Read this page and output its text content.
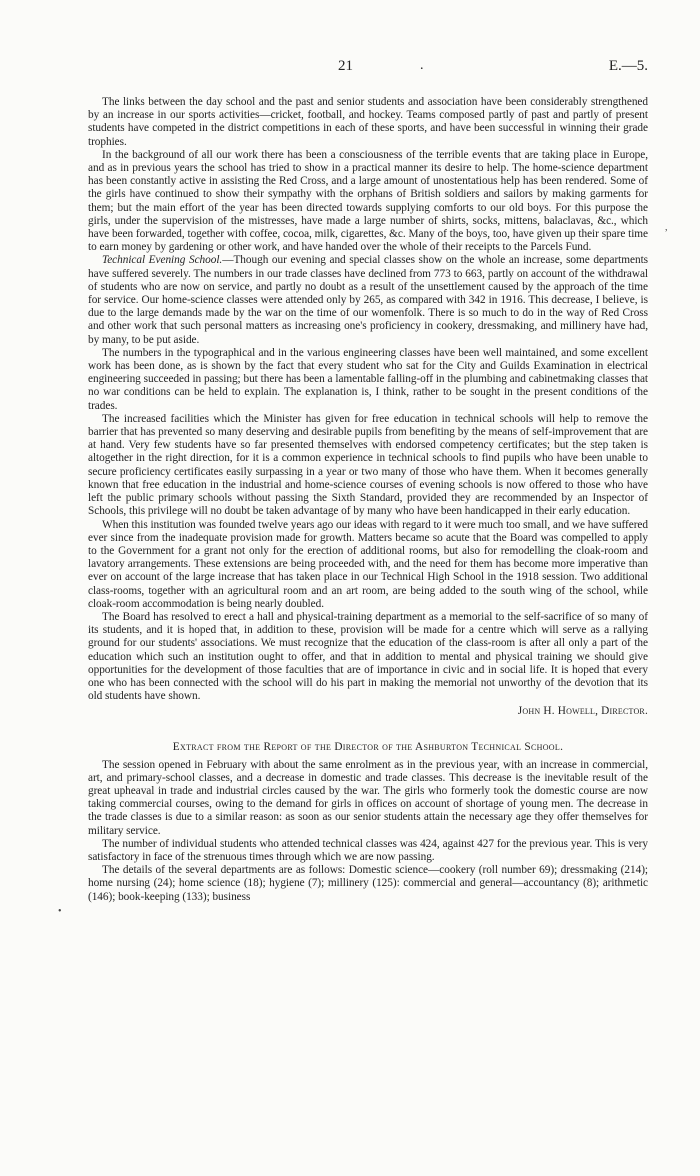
21	.	E.—5.

The links between the day school and the past and senior students and association have been considerably strengthened by an increase in our sports activities—cricket, football, and hockey. Teams composed partly of past and partly of present students have competed in the district competitions in each of these sports, and have been successful in winning their grade trophies.

In the background of all our work there has been a consciousness of the terrible events that are taking place in Europe, and as in previous years the school has tried to show in a practical manner its desire to help. The home-science department has been constantly active in assisting the Red Cross, and a large amount of unostentatious help has been rendered. Some of the girls have continued to show their sympathy with the orphans of British soldiers and sailors by making garments for them; but the main effort of the year has been directed towards supplying comforts to our old boys. For this purpose the girls, under the supervision of the mistresses, have made a large number of shirts, socks, mittens, balaclavas, &c., which have been forwarded, together with coffee, cocoa, milk, cigarettes, &c. Many of the boys, too, have given up their spare time to earn money by gardening or other work, and have handed over the whole of their receipts to the Parcels Fund.

Technical Evening School.—Though our evening and special classes show on the whole an increase, some departments have suffered severely. The numbers in our trade classes have declined from 773 to 663, partly on account of the withdrawal of students who are now on service, and partly no doubt as a result of the unsettlement caused by the approach of the time for service. Our home-science classes were attended only by 265, as compared with 342 in 1916. This decrease, I believe, is due to the large demands made by the war on the time of our womenfolk. There is so much to do in the way of Red Cross and other work that such personal matters as increasing one's proficiency in cookery, dressmaking, and millinery have had, by many, to be put aside.

The numbers in the typographical and in the various engineering classes have been well maintained, and some excellent work has been done, as is shown by the fact that every student who sat for the City and Guilds Examination in electrical engineering succeeded in passing; but there has been a lamentable falling-off in the plumbing and cabinetmaking classes that no war conditions can be held to explain. The explanation is, I think, rather to be sought in the present conditions of the trades.

The increased facilities which the Minister has given for free education in technical schools will help to remove the barrier that has prevented so many deserving and desirable pupils from benefiting by the means of self-improvement that are at hand. Very few students have so far presented themselves with endorsed competency certificates; but the step taken is altogether in the right direction, for it is a common experience in technical schools to find pupils who have been unable to secure proficiency certificates easily surpassing in a year or two many of those who have them. When it becomes generally known that free education in the industrial and home-science courses of evening schools is now offered to those who have left the public primary schools without passing the Sixth Standard, provided they are recommended by an Inspector of Schools, this privilege will no doubt be taken advantage of by many who have been handicapped in their early education.

When this institution was founded twelve years ago our ideas with regard to it were much too small, and we have suffered ever since from the inadequate provision made for growth. Matters became so acute that the Board was compelled to apply to the Government for a grant not only for the erection of additional rooms, but also for remodelling the cloak-room and lavatory arrangements. These extensions are being proceeded with, and the need for them has become more imperative than ever on account of the large increase that has taken place in our Technical High School in the 1918 session. Two additional class-rooms, together with an agricultural room and an art room, are being added to the south wing of the school, while cloak-room accommodation is being nearly doubled.

The Board has resolved to erect a hall and physical-training department as a memorial to the self-sacrifice of so many of its students, and it is hoped that, in addition to these, provision will be made for a centre which will serve as a rallying ground for our students' associations. We must recognize that the education of the class-room is after all only a part of the education which such an institution ought to offer, and that in addition to mental and physical training we should give opportunities for the development of those faculties that are of importance in civic and in social life. It is hoped that every one who has been connected with the school will do his part in making the memorial not unworthy of the devotion that its old students have shown.

John H. Howell, Director.
Extract from the Report of the Director of the Ashburton Technical School.

The session opened in February with about the same enrolment as in the previous year, with an increase in commercial, art, and primary-school classes, and a decrease in domestic and trade classes. This decrease is the inevitable result of the great upheaval in trade and industrial circles caused by the war. The girls who formerly took the domestic course are now taking commercial courses, owing to the demand for girls in offices on account of shortage of young men. The decrease in the trade classes is due to a similar reason: as soon as our senior students attain the necessary age they offer themselves for military service.

The number of individual students who attended technical classes was 424, against 427 for the previous year. This is very satisfactory in face of the strenuous times through which we are now passing.

The details of the several departments are as follows: Domestic science—cookery (roll number 69); dressmaking (214); home nursing (24); home science (18); hygiene (7); millinery (125): commercial and general—accountancy (8); arithmetic (146); book-keeping (133); business

,
•
